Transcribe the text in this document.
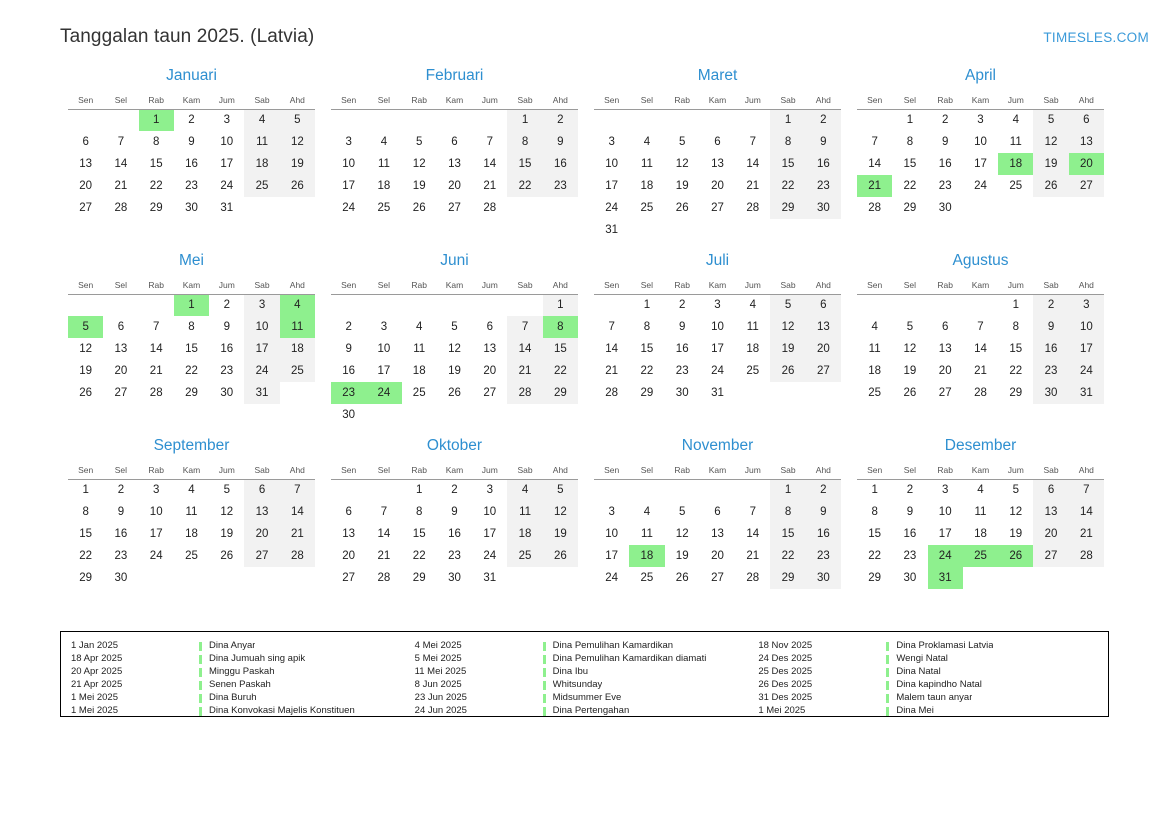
Tanggalan taun 2025. (Latvia)	TIMESLES.COM
Januari
Sen	Sel	Rab	Kam	Jum	Sab	Ahd
		1	2	3	4	5
6	7	8	9	10	11	12
13	14	15	16	17	18	19
20	21	22	23	24	25	26
27	28	29	30	31		
Februari
Sen	Sel	Rab	Kam	Jum	Sab	Ahd
					1	2
3	4	5	6	7	8	9
10	11	12	13	14	15	16
17	18	19	20	21	22	23
24	25	26	27	28		
Maret
Sen	Sel	Rab	Kam	Jum	Sab	Ahd
					1	2
3	4	5	6	7	8	9
10	11	12	13	14	15	16
17	18	19	20	21	22	23
24	25	26	27	28	29	30
31						
April
Sen	Sel	Rab	Kam	Jum	Sab	Ahd
	1	2	3	4	5	6
7	8	9	10	11	12	13
14	15	16	17	18	19	20
21	22	23	24	25	26	27
28	29	30				
Mei
Sen	Sel	Rab	Kam	Jum	Sab	Ahd
			1	2	3	4
5	6	7	8	9	10	11
12	13	14	15	16	17	18
19	20	21	22	23	24	25
26	27	28	29	30	31	
Juni
Sen	Sel	Rab	Kam	Jum	Sab	Ahd
						1
2	3	4	5	6	7	8
9	10	11	12	13	14	15
16	17	18	19	20	21	22
23	24	25	26	27	28	29
30						
Juli
Sen	Sel	Rab	Kam	Jum	Sab	Ahd
	1	2	3	4	5	6
7	8	9	10	11	12	13
14	15	16	17	18	19	20
21	22	23	24	25	26	27
28	29	30	31			
Agustus
Sen	Sel	Rab	Kam	Jum	Sab	Ahd
				1	2	3
4	5	6	7	8	9	10
11	12	13	14	15	16	17
18	19	20	21	22	23	24
25	26	27	28	29	30	31
September
Sen	Sel	Rab	Kam	Jum	Sab	Ahd
1	2	3	4	5	6	7
8	9	10	11	12	13	14
15	16	17	18	19	20	21
22	23	24	25	26	27	28
29	30					
Oktober
Sen	Sel	Rab	Kam	Jum	Sab	Ahd
		1	2	3	4	5
6	7	8	9	10	11	12
13	14	15	16	17	18	19
20	21	22	23	24	25	26
27	28	29	30	31		
November
Sen	Sel	Rab	Kam	Jum	Sab	Ahd
					1	2
3	4	5	6	7	8	9
10	11	12	13	14	15	16
17	18	19	20	21	22	23
24	25	26	27	28	29	30
Desember
Sen	Sel	Rab	Kam	Jum	Sab	Ahd
1	2	3	4	5	6	7
8	9	10	11	12	13	14
15	16	17	18	19	20	21
22	23	24	25	26	27	28
29	30	31				
1 Jan 2025	Dina Anyar
18 Apr 2025	Dina Jumuah sing apik
20 Apr 2025	Minggu Paskah
21 Apr 2025	Senen Paskah
1 Mei 2025	Dina Buruh
1 Mei 2025	Dina Konvokasi Majelis Konstituen
4 Mei 2025	Dina Pemulihan Kamardikan
5 Mei 2025	Dina Pemulihan Kamardikan diamati
11 Mei 2025	Dina Ibu
8 Jun 2025	Whitsunday
23 Jun 2025	Midsummer Eve
24 Jun 2025	Dina Pertengahan
18 Nov 2025	Dina Proklamasi Latvia
24 Des 2025	Wengi Natal
25 Des 2025	Dina Natal
26 Des 2025	Dina kapindho Natal
31 Des 2025	Malem taun anyar
1 Mei 2025	Dina Mei
